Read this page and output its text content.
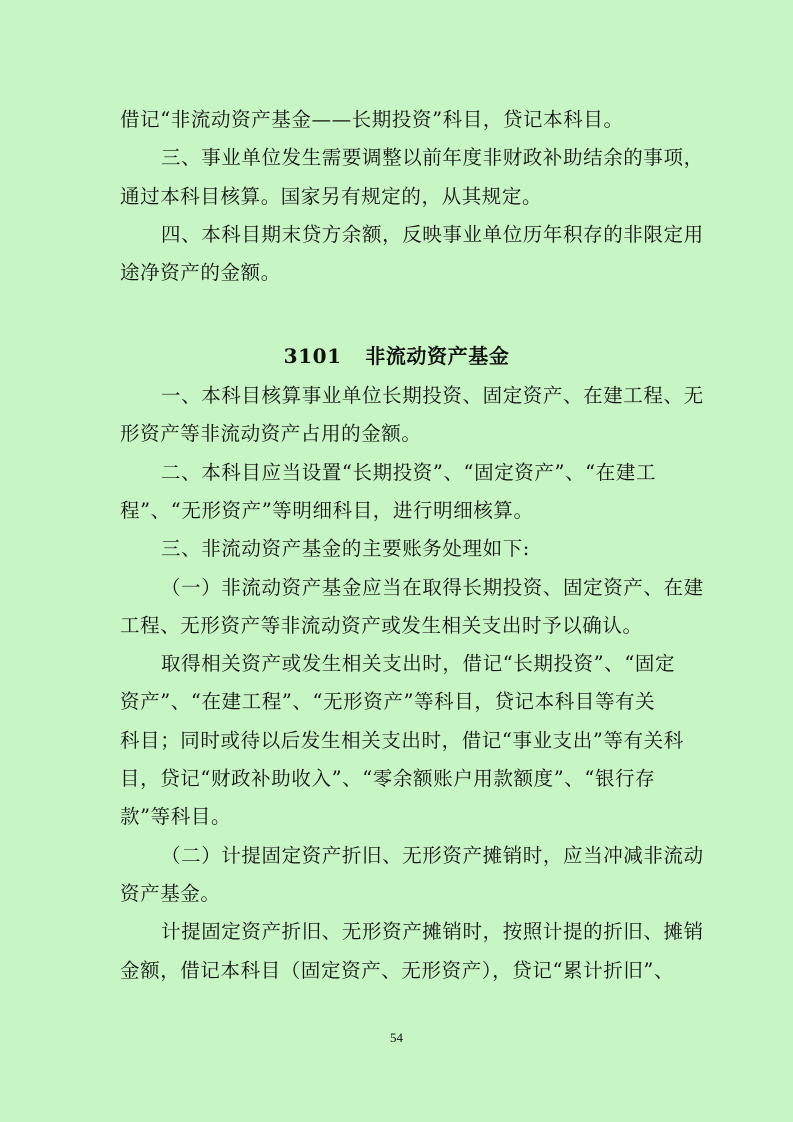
借记“非流动资产基金——长期投资”科目，贷记本科目。
三、事业单位发生需要调整以前年度非财政补助结余的事项，
通过本科目核算。国家另有规定的，从其规定。
四、本科目期末贷方余额，反映事业单位历年积存的非限定用
途净资产的金额。
3101 非流动资产基金
一、本科目核算事业单位长期投资、固定资产、在建工程、无
形资产等非流动资产占用的金额。
二、本科目应当设置“长期投资”、“固定资产”、“在建工
程”、“无形资产”等明细科目，进行明细核算。
三、非流动资产基金的主要账务处理如下:
（一）非流动资产基金应当在取得长期投资、固定资产、在建
工程、无形资产等非流动资产或发生相关支出时予以确认。
取得相关资产或发生相关支出时，借记“长期投资”、“固定
资产”、“在建工程”、“无形资产”等科目，贷记本科目等有关
科目；同时或待以后发生相关支出时，借记“事业支出”等有关科
目，贷记“财政补助收入”、“零余额账户用款额度”、“银行存
款”等科目。
（二）计提固定资产折旧、无形资产摊销时，应当冲减非流动
资产基金。
计提固定资产折旧、无形资产摊销时，按照计提的折旧、摊销
金额，借记本科目（固定资产、无形资产），贷记“累计折旧”、
54
